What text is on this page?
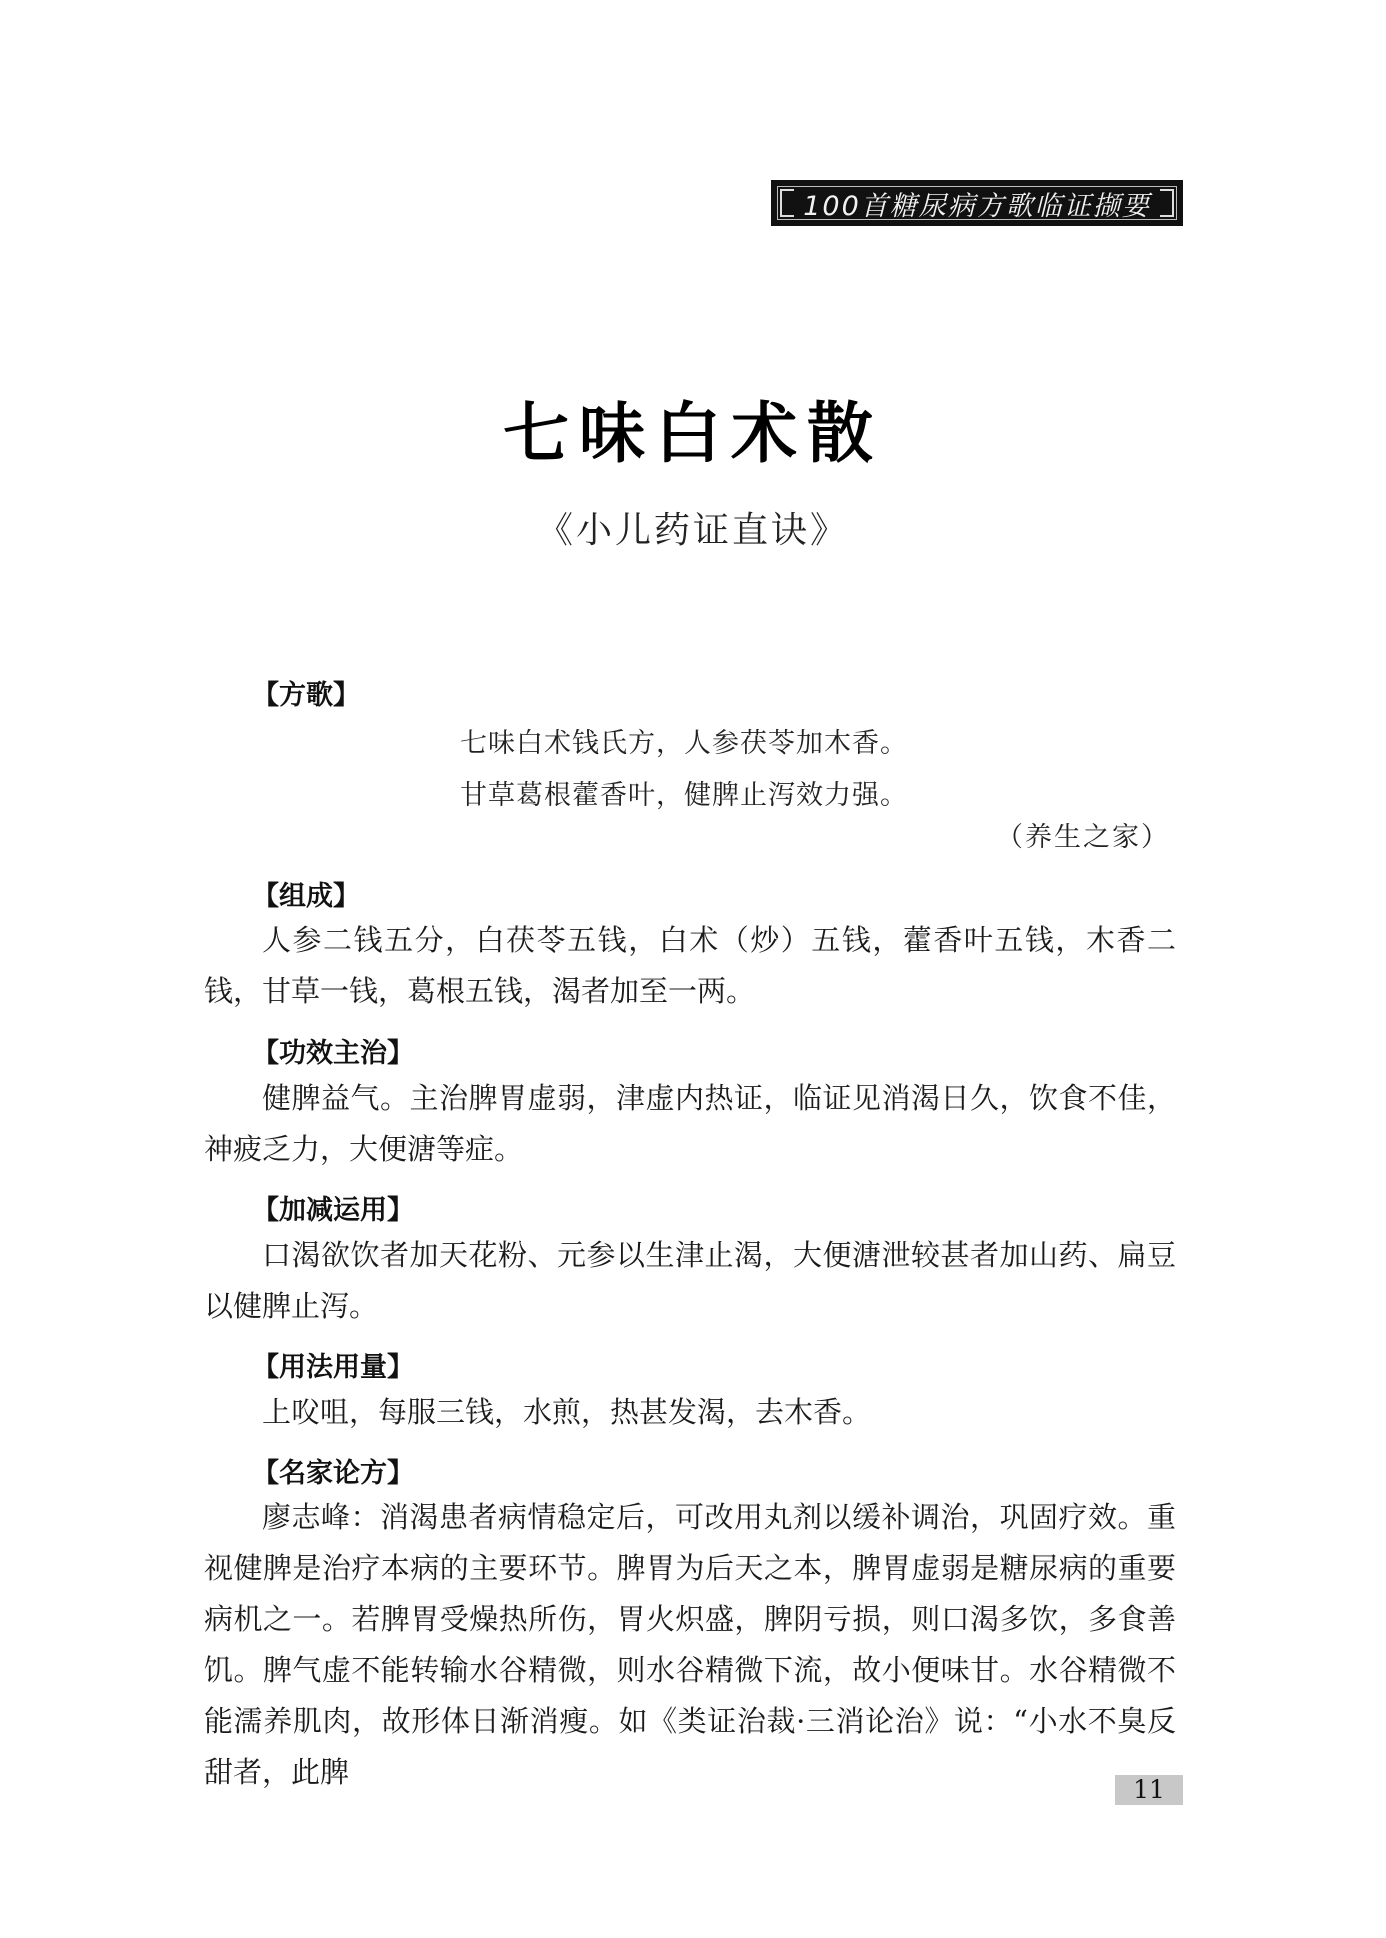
100首糖尿病方歌临证撷要
七味白术散
《小儿药证直诀》
【方歌】
七味白术钱氏方，人参茯苓加木香。
甘草葛根藿香叶，健脾止泻效力强。
（养生之家）
【组成】
人参二钱五分，白茯苓五钱，白术（炒）五钱，藿香叶五钱，木香二钱，甘草一钱，葛根五钱，渴者加至一两。
【功效主治】
健脾益气。主治脾胃虚弱，津虚内热证，临证见消渴日久，饮食不佳，神疲乏力，大便溏等症。
【加减运用】
口渴欲饮者加天花粉、元参以生津止渴，大便溏泄较甚者加山药、扁豆以健脾止泻。
【用法用量】
上㕮咀，每服三钱，水煎，热甚发渴，去木香。
【名家论方】
廖志峰：消渴患者病情稳定后，可改用丸剂以缓补调治，巩固疗效。重视健脾是治疗本病的主要环节。脾胃为后天之本，脾胃虚弱是糖尿病的重要病机之一。若脾胃受燥热所伤，胃火炽盛，脾阴亏损，则口渴多饮，多食善饥。脾气虚不能转输水谷精微，则水谷精微下流，故小便味甘。水谷精微不能濡养肌肉，故形体日渐消瘦。如《类证治裁·三消论治》说：“小水不臭反甜者，此脾
11
